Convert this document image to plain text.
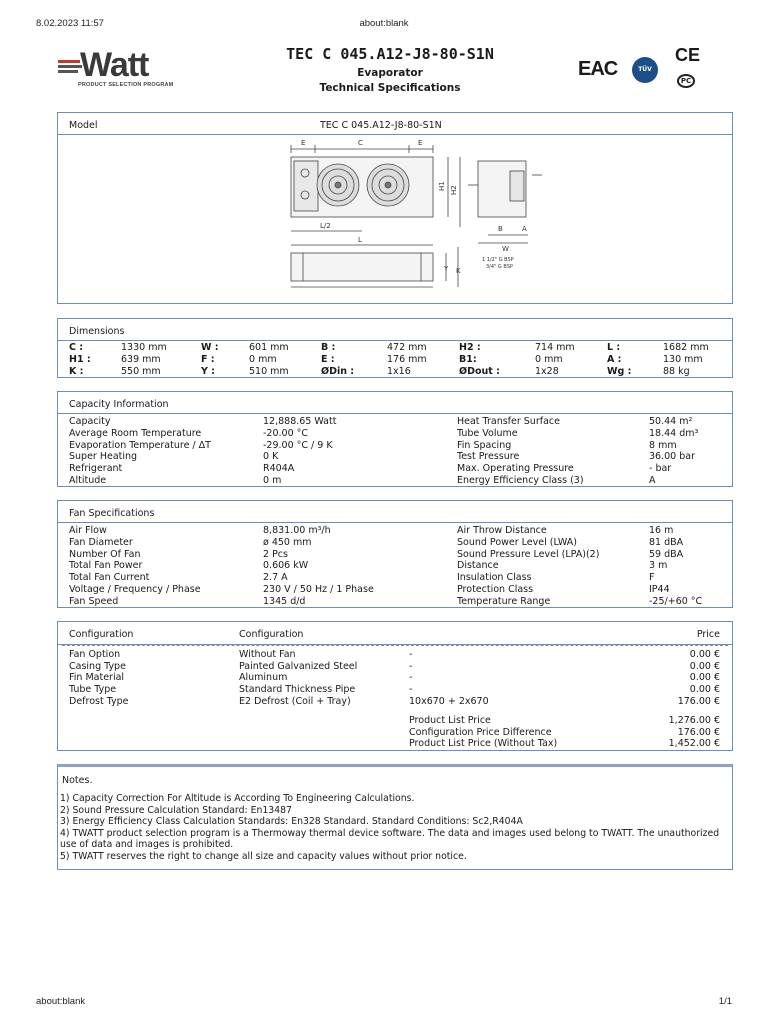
8.02.2023 11:57	about:blank
about:blank	1/1
Watt
PRODUCT SELECTION PROGRAM
TEC C 045.A12-J8-80-S1N
Evaporator
Technical Specifications
EAC	TÜV
CE
PC
Model	TEC C 045.A12-J8-80-S1N
E	C	E
H1 H2
L/2
L
B	A
W
1 1/2" G BSP
3/4" G BSP
Y K
Dimensions
C :	1330 mm	W :	601 mm	B :	472 mm	H2 :	714 mm	L :	1682 mm
H1 :	639 mm	F :	0 mm	E :	176 mm	B1:	0 mm	A :	130 mm
K :	550 mm	Y :	510 mm	ØDin :	1x16	ØDout :	1x28	Wg :	88 kg
Capacity Information
Capacity	12,888.65 Watt	Heat Transfer Surface	50.44 m²
Average Room Temperature	-20.00 °C	Tube Volume	18.44 dm³
Evaporation Temperature / ΔT	-29.00 °C / 9 K	Fin Spacing	8 mm
Super Heating	0 K	Test Pressure	36.00 bar
Refrigerant	R404A	Max. Operating Pressure	- bar
Altitude	0 m	Energy Efficiency Class (3)	A
Fan Specifications
Air Flow	8,831.00 m³/h	Air Throw Distance	16 m
Fan Diameter	ø 450 mm	Sound Power Level (LWA)	81 dBA
Number Of Fan	2 Pcs	Sound Pressure Level (LPA)(2)	59 dBA
Total Fan Power	0.606 kW	Distance	3 m
Total Fan Current	2.7 A	Insulation Class	F
Voltage / Frequency / Phase	230 V / 50 Hz / 1 Phase	Protection Class	IP44
Fan Speed	1345 d/d	Temperature Range	-25/+60 °C
Configuration	Configuration	Price
Fan Option	Without Fan	-	0.00 €
Casing Type	Painted Galvanized Steel	-	0.00 €
Fin Material	Aluminum	-	0.00 €
Tube Type	Standard Thickness Pipe	-	0.00 €
Defrost Type	E2 Defrost (Coil + Tray)	10x670 + 2x670	176.00 €
Product List Price	1,276.00 €
Configuration Price Difference	176.00 €
Product List Price (Without Tax)	1,452.00 €
Notes.
1) Capacity Correction For Altitude is According To Engineering Calculations.
2) Sound Pressure Calculation Standard: En13487
3) Energy Efficiency Class Calculation Standards: En328 Standard. Standard Conditions: Sc2,R404A
4) TWATT product selection program is a Thermoway thermal device software. The data and images used belong to TWATT. The unauthorized use of data and images is prohibited.
5) TWATT reserves the right to change all size and capacity values without prior notice.
